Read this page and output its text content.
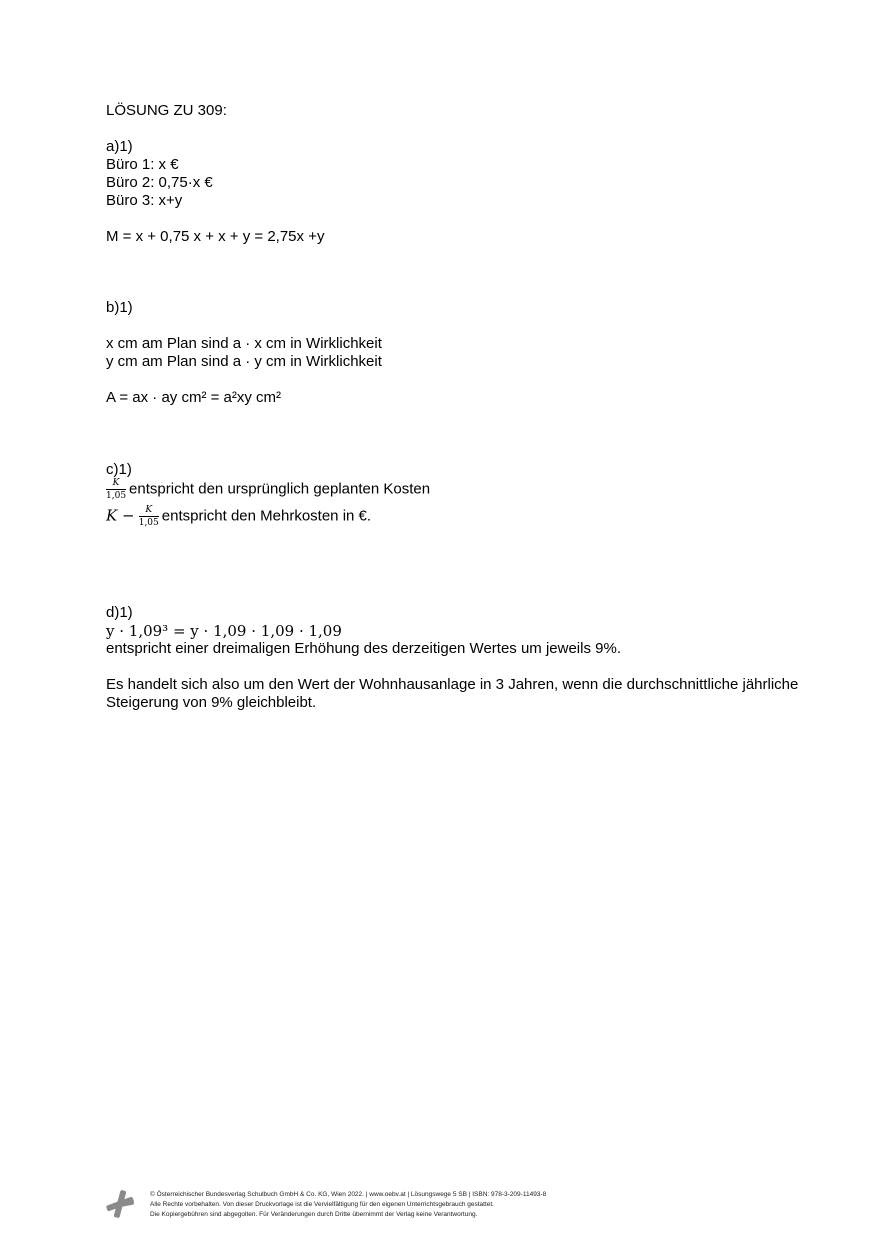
LÖSUNG ZU 309:
a)1)
Büro 1: x €
Büro 2: 0,75·x €
Büro 3: x+y
M = x + 0,75 x + x + y = 2,75x +y
b)1)
x cm am Plan sind a · x cm in Wirklichkeit
y cm am Plan sind a · y cm in Wirklichkeit
A = ax · ay cm² = a²xy cm²
c)1)
$\frac{K}{1,05}$ entspricht den ursprünglich geplanten Kosten
$K - \frac{K}{1,05}$ entspricht den Mehrkosten in €.
d)1)
y · 1,09³ = y · 1,09 · 1,09 · 1,09
entspricht einer dreimaligen Erhöhung des derzeitigen Wertes um jeweils 9%.
Es handelt sich also um den Wert der Wohnhausanlage in 3 Jahren, wenn die durchschnittliche jährliche Steigerung von 9% gleichbleibt.
© Österreichischer Bundesverlag Schulbuch GmbH & Co. KG, Wien 2022. | www.oebv.at | Lösungswege 5 SB | ISBN: 978-3-209-11493-8
Alle Rechte vorbehalten. Von dieser Druckvorlage ist die Vervielfältigung für den eigenen Unterrichtsgebrauch gestattet.
Die Kopiergebühren sind abgegolten. Für Veränderungen durch Dritte übernimmt der Verlag keine Verantwortung.
